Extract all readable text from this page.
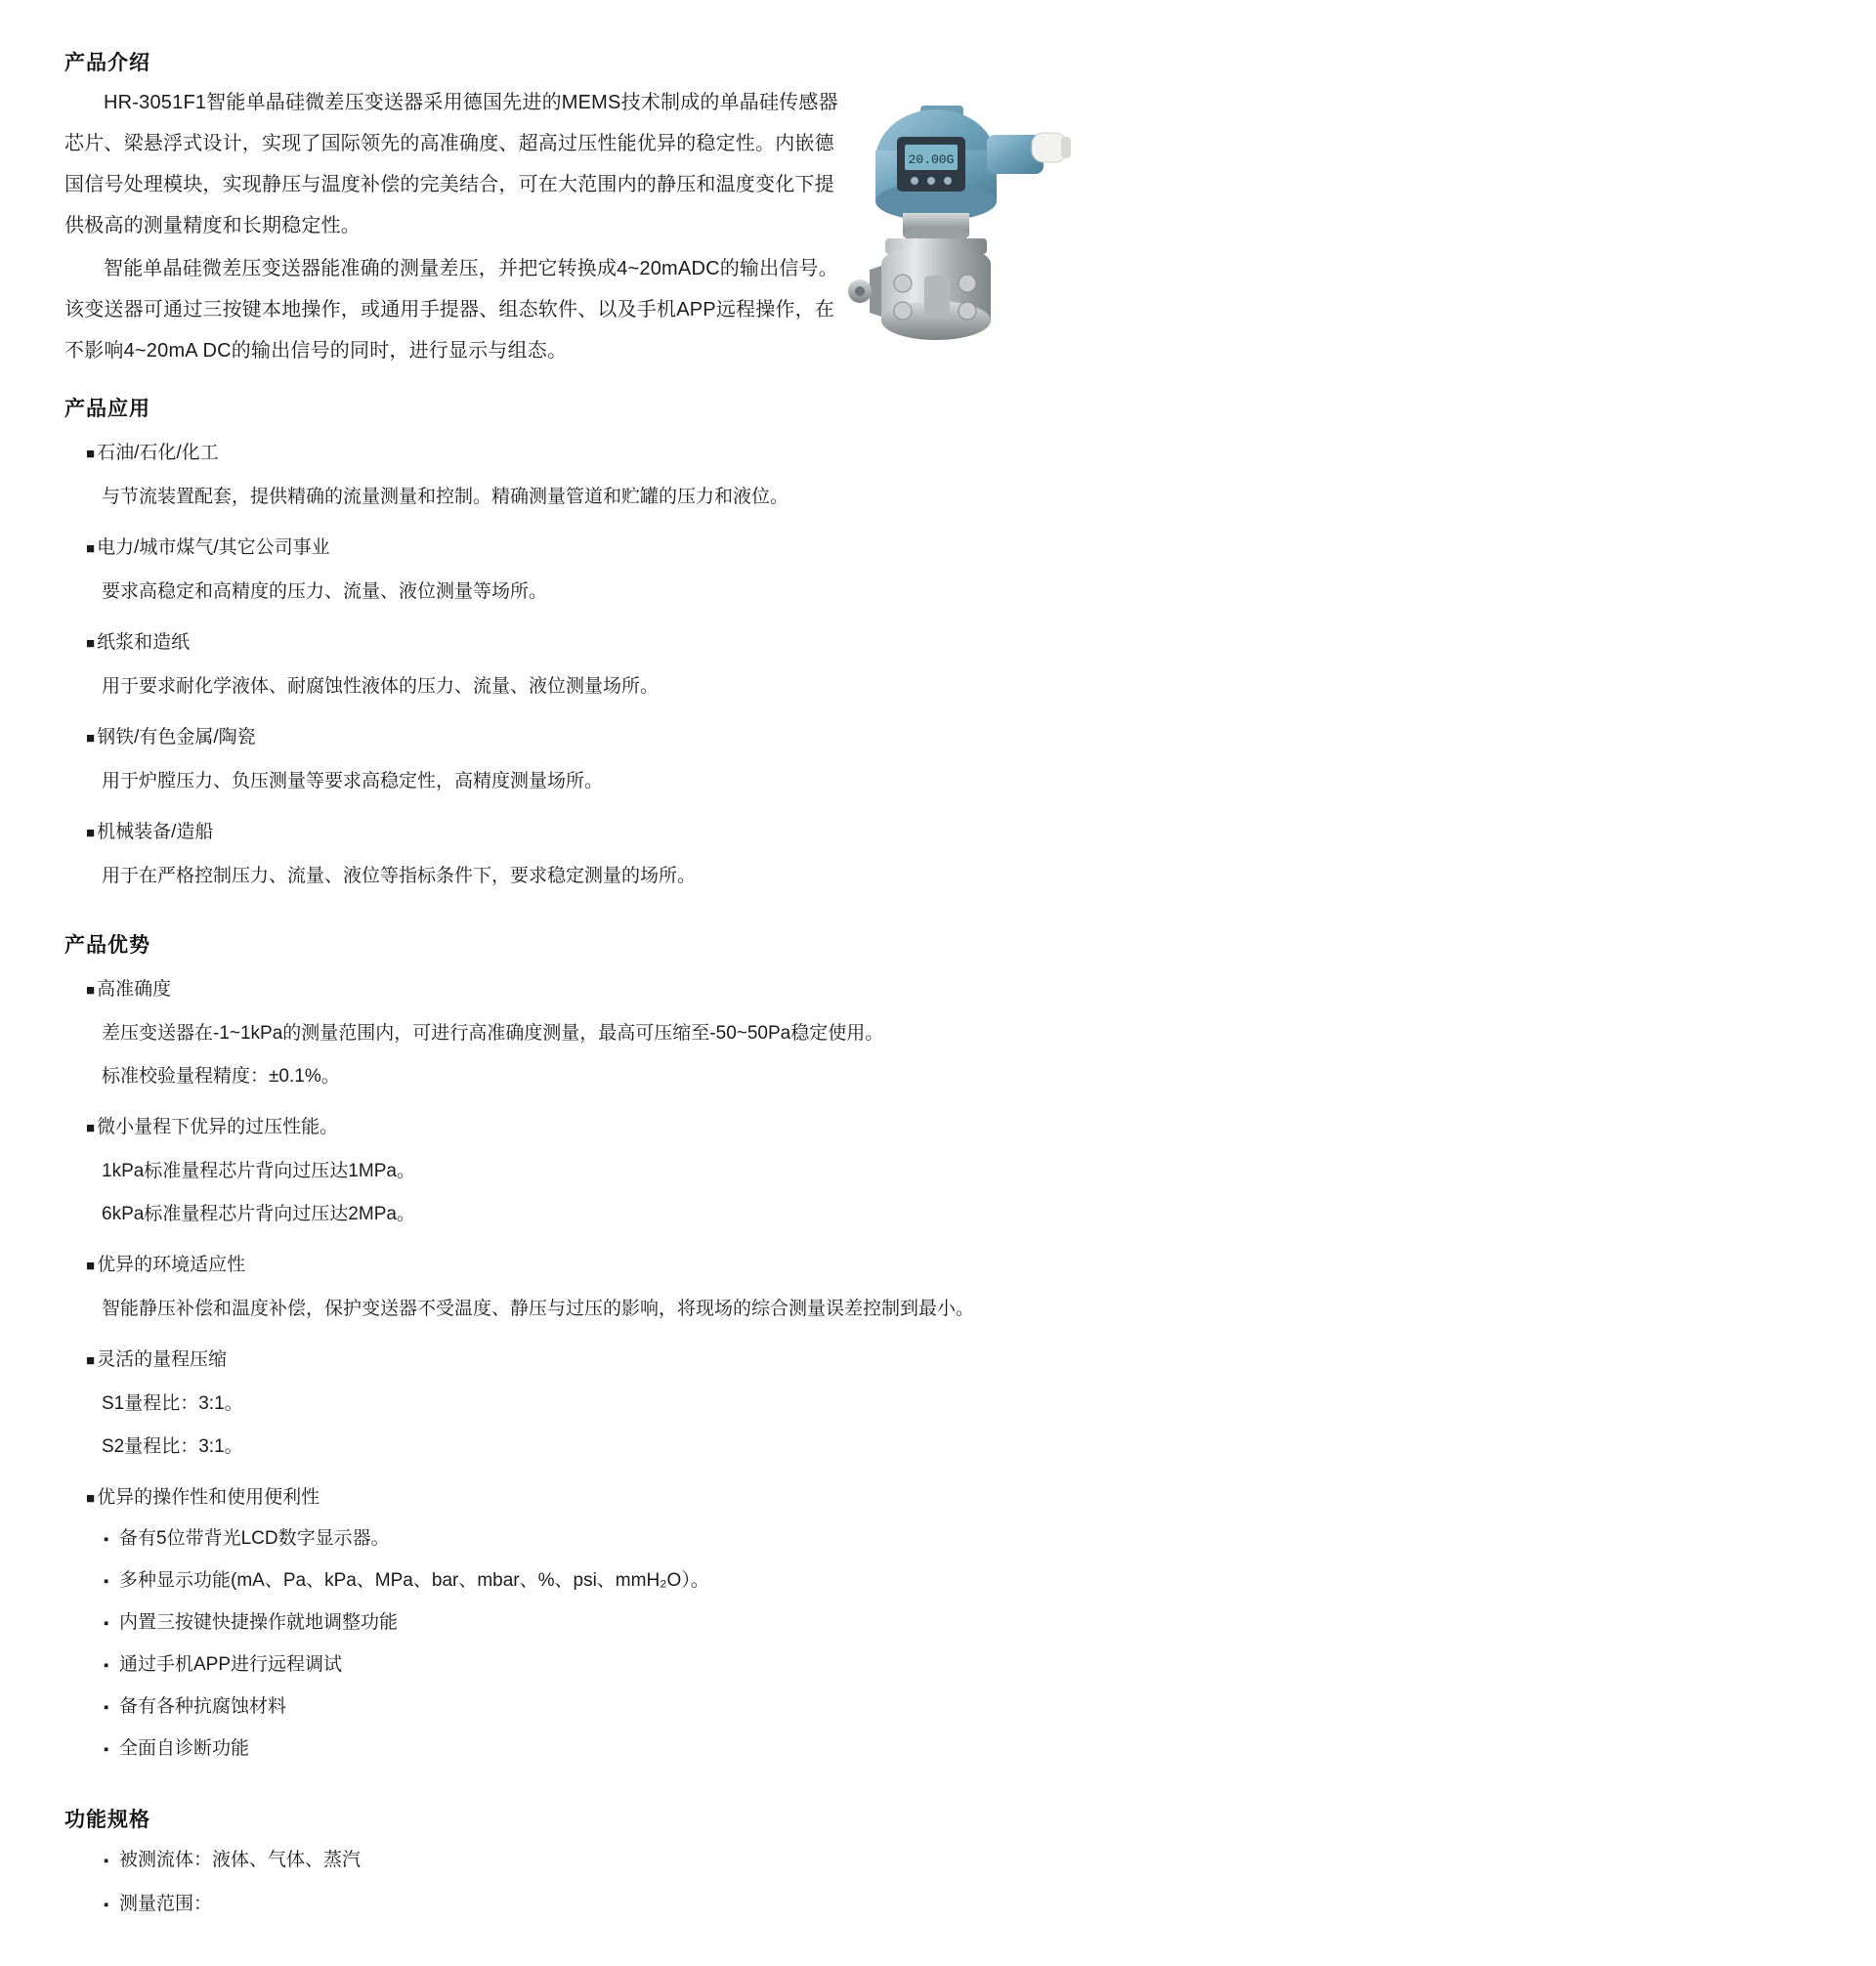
产品介绍

HR-3051F1智能单晶硅微差压变送器采用德国先进的MEMS技术制成的单晶硅传感器芯片、梁悬浮式设计，实现了国际领先的高准确度、超高过压性能优异的稳定性。内嵌德国信号处理模块，实现静压与温度补偿的完美结合，可在大范围内的静压和温度变化下提供极高的测量精度和长期稳定性。

智能单晶硅微差压变送器能准确的测量差压，并把它转换成4~20mADC的输出信号。该变送器可通过三按键本地操作，或通用手提器、组态软件、以及手机APP远程操作，在不影响4~20mA DC的输出信号的同时，进行显示与组态。

20.00G
产品应用
■ 石油/石化/化工
与节流装置配套，提供精确的流量测量和控制。精确测量管道和贮罐的压力和液位。
■ 电力/城市煤气/其它公司事业
要求高稳定和高精度的压力、流量、液位测量等场所。
■ 纸浆和造纸
用于要求耐化学液体、耐腐蚀性液体的压力、流量、液位测量场所。
■ 钢铁/有色金属/陶瓷
用于炉膛压力、负压测量等要求高稳定性，高精度测量场所。
■ 机械装备/造船
用于在严格控制压力、流量、液位等指标条件下，要求稳定测量的场所。
产品优势
■ 高准确度
差压变送器在-1~1kPa的测量范围内，可进行高准确度测量，最高可压缩至-50~50Pa稳定使用。
标准校验量程精度：±0.1%。
■ 微小量程下优异的过压性能。
1kPa标准量程芯片背向过压达1MPa。
6kPa标准量程芯片背向过压达2MPa。
■ 优异的环境适应性
智能静压补偿和温度补偿，保护变送器不受温度、静压与过压的影响，将现场的综合测量误差控制到最小。
■ 灵活的量程压缩
S1量程比：3:1。
S2量程比：3:1。
■ 优异的操作性和使用便利性
▪ 备有5位带背光LCD数字显示器。
▪ 多种显示功能(mA、Pa、kPa、MPa、bar、mbar、%、psi、mmH₂O）。
▪ 内置三按键快捷操作就地调整功能
▪ 通过手机APP进行远程调试
▪ 备有各种抗腐蚀材料
▪ 全面自诊断功能
功能规格
▪ 被测流体：液体、气体、蒸汽
▪ 测量范围：
